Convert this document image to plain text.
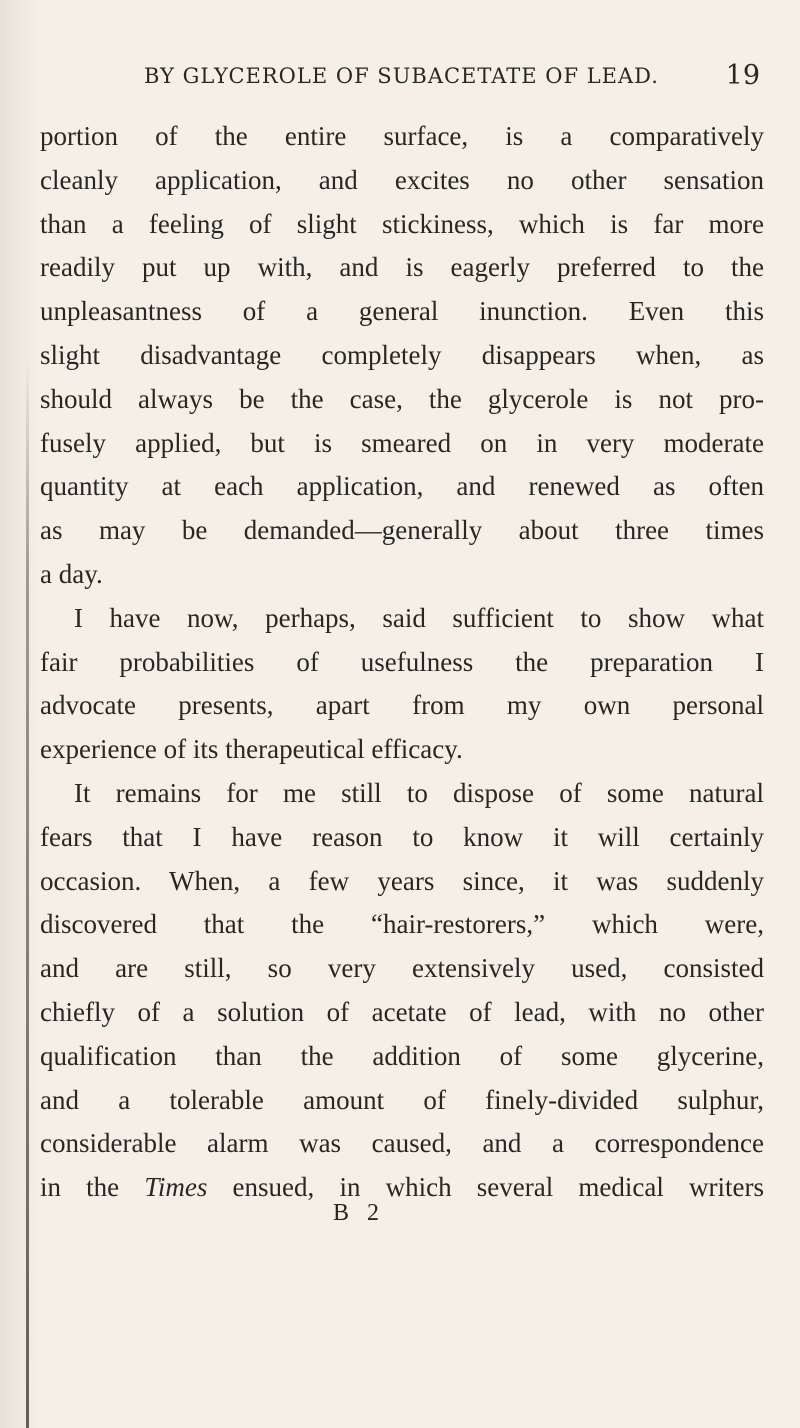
BY GLYCEROLE OF SUBACETATE OF LEAD. 19
portion of the entire surface, is a comparatively
cleanly application, and excites no other sensation
than a feeling of slight stickiness, which is far more
readily put up with, and is eagerly preferred to the
unpleasantness of a general inunction. Even this
slight disadvantage completely disappears when, as
should always be the case, the glycerole is not pro-
fusely applied, but is smeared on in very moderate
quantity at each application, and renewed as often
as may be demanded—generally about three times
a day.
I have now, perhaps, said sufficient to show what
fair probabilities of usefulness the preparation I
advocate presents, apart from my own personal
experience of its therapeutical efficacy.
It remains for me still to dispose of some natural
fears that I have reason to know it will certainly
occasion. When, a few years since, it was suddenly
discovered that the “hair-restorers,” which were,
and are still, so very extensively used, consisted
chiefly of a solution of acetate of lead, with no other
qualification than the addition of some glycerine,
and a tolerable amount of finely-divided sulphur,
considerable alarm was caused, and a correspondence
in the Times ensued, in which several medical writers
B 2
